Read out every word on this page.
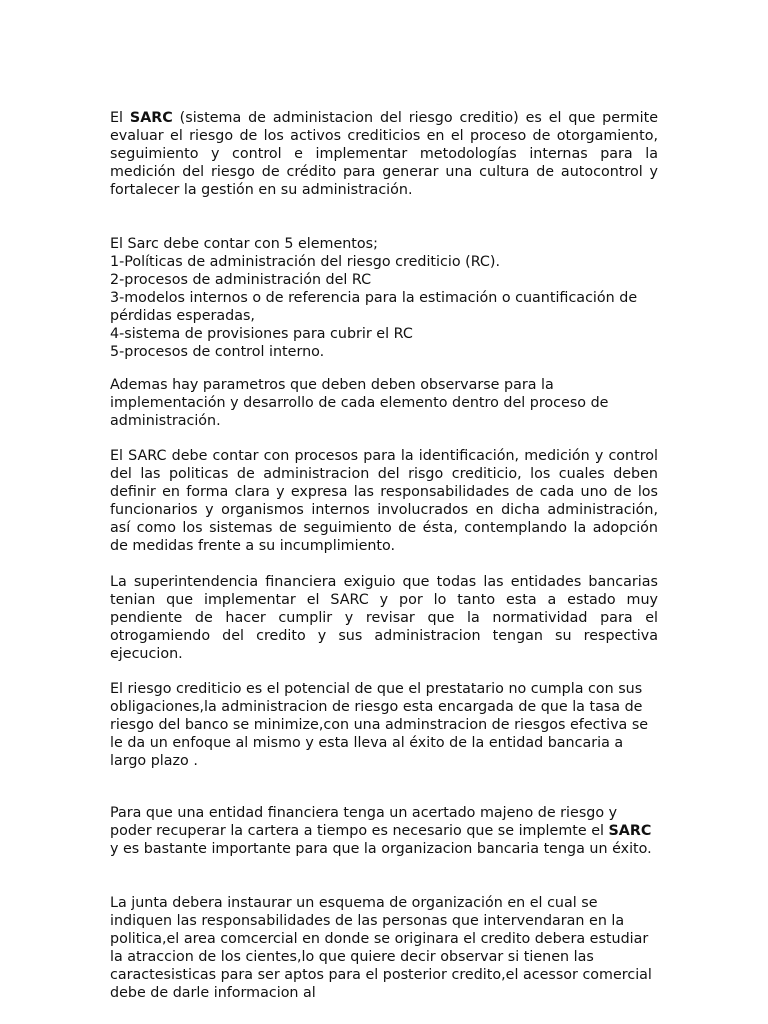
El SARC (sistema de administacion del riesgo creditio) es el que permite evaluar el riesgo de los activos crediticios en el proceso de otorgamiento, seguimiento y control e implementar metodologías internas para la medición del riesgo de crédito para generar una cultura de autocontrol y fortalecer la gestión en su administración.

El Sarc debe contar con 5 elementos;
1-Políticas de administración del riesgo crediticio (RC).
2-procesos de administración del RC
3-modelos internos o de referencia para la estimación o cuantificación de pérdidas esperadas,
4-sistema de provisiones para cubrir el RC
5-procesos de control interno.

Ademas hay parametros que deben deben observarse para la implementación y desarrollo de cada elemento dentro del proceso de administración.

El SARC debe contar con procesos para la identificación, medición y control del las politicas de administracion del risgo crediticio, los cuales deben definir en forma clara y expresa las responsabilidades de cada uno de los funcionarios y organismos internos involucrados en dicha administración, así como los sistemas de seguimiento de ésta, contemplando la adopción de medidas frente a su incumplimiento.

La superintendencia financiera exiguio que todas las entidades bancarias tenian que implementar el SARC y por lo tanto esta a estado muy pendiente de hacer cumplir y revisar que la normatividad para el otrogamiendo del credito y sus administracion tengan su respectiva ejecucion.

El riesgo crediticio es el potencial de que el prestatario no cumpla con sus obligaciones,la administracion de riesgo esta encargada de que la tasa de riesgo del banco se minimize,con una adminstracion de riesgos efectiva se le da un enfoque al mismo y esta lleva al éxito de la entidad bancaria a largo plazo .

Para que una entidad financiera tenga un acertado majeno de riesgo y poder recuperar la cartera a tiempo es necesario que se implemte el SARC y es bastante importante para que la organizacion bancaria tenga un éxito.

La junta debera instaurar un esquema de organización en el cual se indiquen las responsabilidades de las personas que intervendaran en la politica,el area comcercial en donde se originara el credito debera estudiar la atraccion de los cientes,lo que quiere decir observar si tienen las caractesisticas para ser aptos para el posterior credito,el acessor comercial debe de darle informacion al
